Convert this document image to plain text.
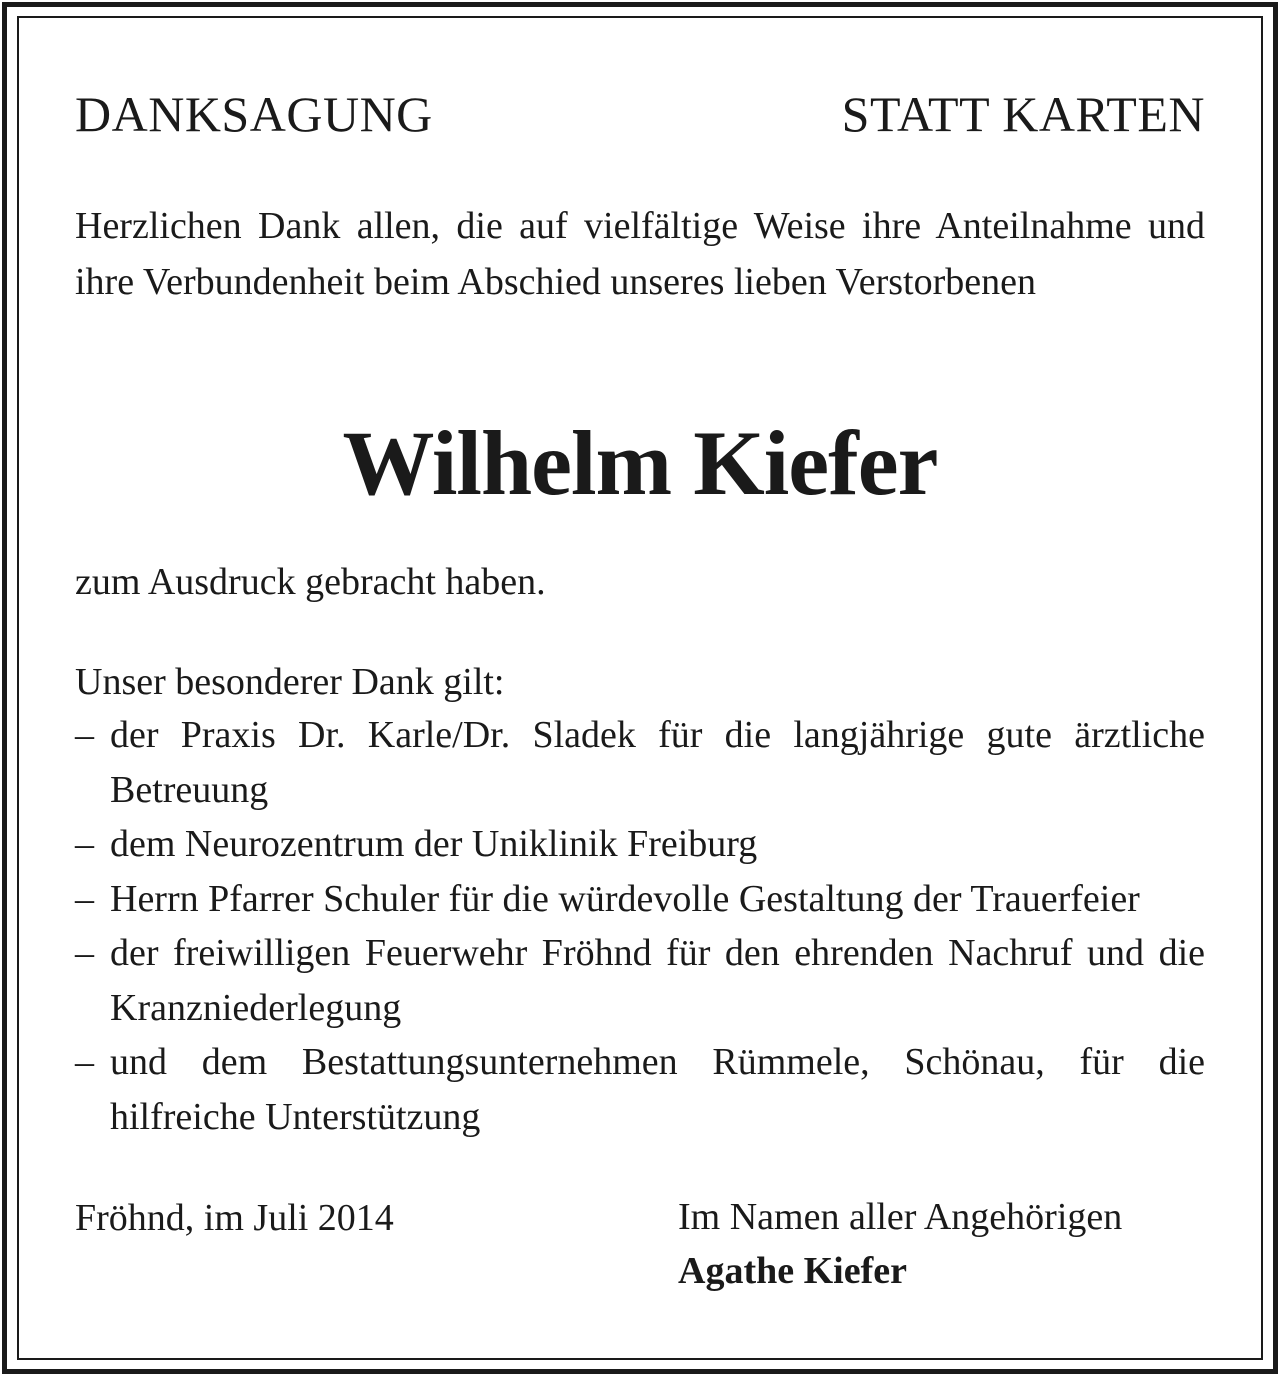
DANKSAGUNG	STATT KARTEN
Herzlichen Dank allen, die auf vielfältige Weise ihre Anteilnahme und ihre Verbundenheit beim Abschied unseres lieben Verstorbenen
Wilhelm Kiefer
zum Ausdruck gebracht haben.
Unser besonderer Dank gilt:
– der Praxis Dr. Karle/Dr. Sladek für die langjährige gute ärztliche Betreuung
– dem Neurozentrum der Uniklinik Freiburg
– Herrn Pfarrer Schuler für die würdevolle Gestaltung der Trauerfeier
– der freiwilligen Feuerwehr Fröhnd für den ehrenden Nachruf und die Kranzniederlegung
– und dem Bestattungsunternehmen Rümmele, Schönau, für die hilfreiche Unterstützung
Fröhnd, im Juli 2014	Im Namen aller Angehörigen
Agathe Kiefer
